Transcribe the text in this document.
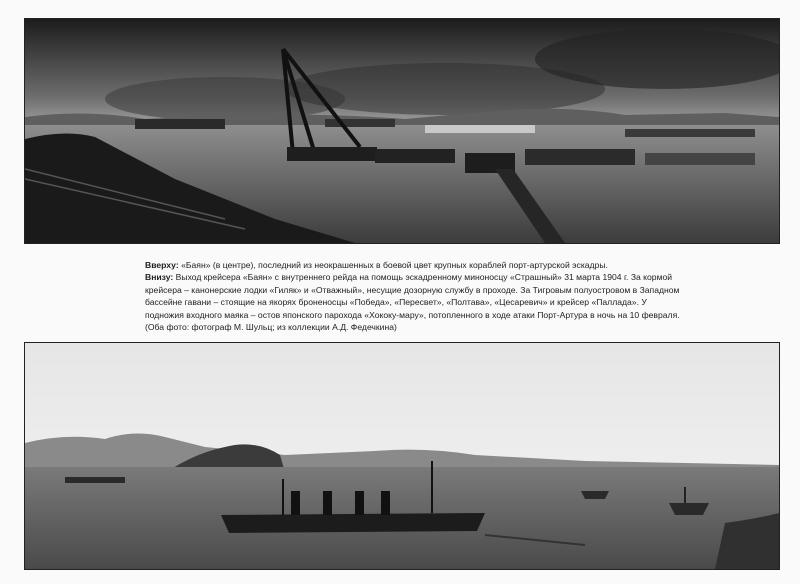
Вверху: «Баян» (в центре), последний из неокрашенных в боевой цвет крупных кораблей порт-артурской эскадры.

Внизу: Выход крейсера «Баян» с внутреннего рейда на помощь эскадренному миноносцу «Страшный» 31 марта 1904 г. За кормой крейсера – канонерские лодки «Гиляк» и «Отважный», несущие дозорную службу в проходе. За Тигровым полуостровом в Западном бассейне гавани – стоящие на якорях броненосцы «Победа», «Пересвет», «Полтава», «Цесаревич» и крейсер «Паллада». У подножия входного маяка – остов японского парохода «Хококу-мару», потопленного в ходе атаки Порт-Артура в ночь на 10 февраля.

(Оба фото: фотограф М. Шульц; из коллекции А.Д. Федечкина)
